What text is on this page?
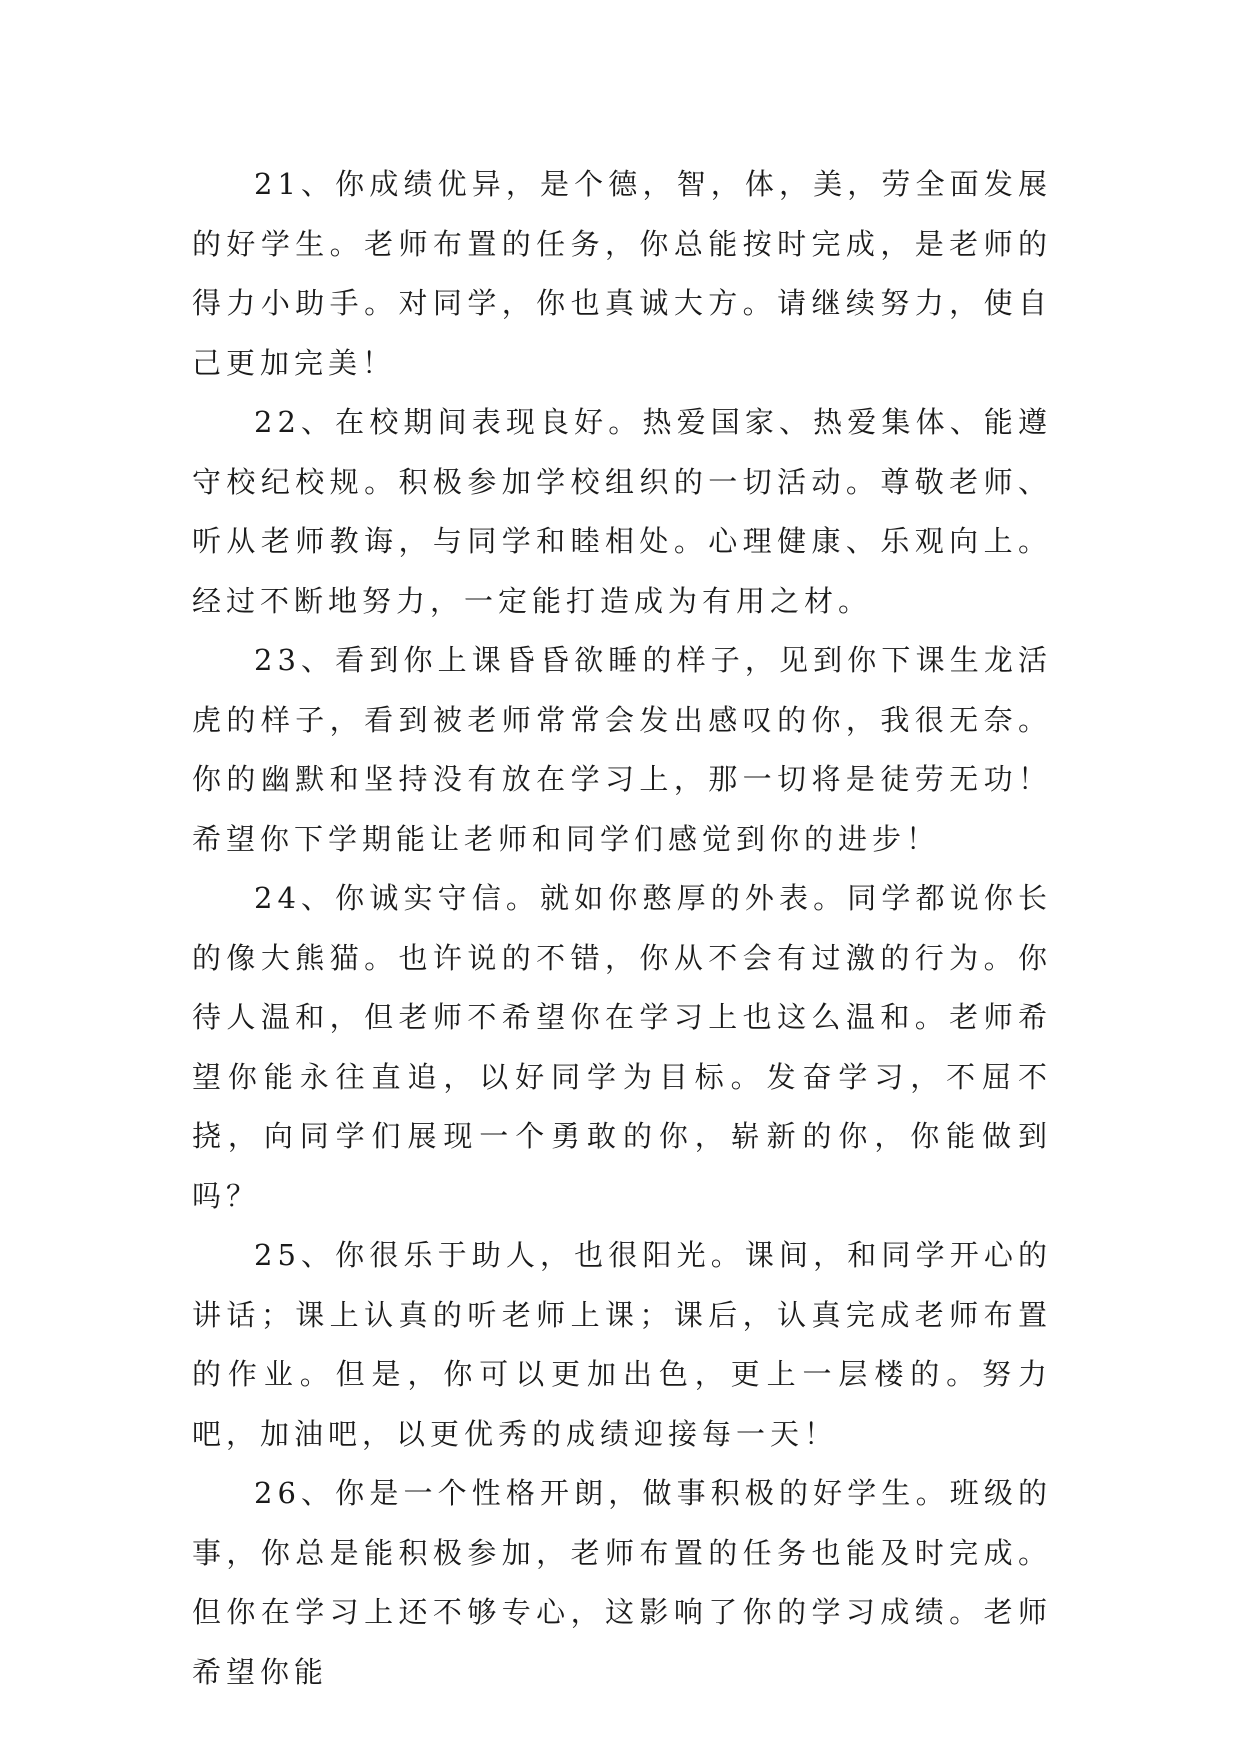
21、你成绩优异，是个德，智，体，美，劳全面发展的好学生。老师布置的任务，你总能按时完成，是老师的得力小助手。对同学，你也真诚大方。请继续努力，使自己更加完美！

22、在校期间表现良好。热爱国家、热爱集体、能遵守校纪校规。积极参加学校组织的一切活动。尊敬老师、听从老师教诲，与同学和睦相处。心理健康、乐观向上。经过不断地努力，一定能打造成为有用之材。

23、看到你上课昏昏欲睡的样子，见到你下课生龙活虎的样子，看到被老师常常会发出感叹的你，我很无奈。你的幽默和坚持没有放在学习上，那一切将是徒劳无功！希望你下学期能让老师和同学们感觉到你的进步！

24、你诚实守信。就如你憨厚的外表。同学都说你长的像大熊猫。也许说的不错，你从不会有过激的行为。你待人温和，但老师不希望你在学习上也这么温和。老师希望你能永往直追，以好同学为目标。发奋学习，不屈不挠，向同学们展现一个勇敢的你，崭新的你，你能做到吗？

25、你很乐于助人，也很阳光。课间，和同学开心的讲话；课上认真的听老师上课；课后，认真完成老师布置的作业。但是，你可以更加出色，更上一层楼的。努力吧，加油吧，以更优秀的成绩迎接每一天！

26、你是一个性格开朗，做事积极的好学生。班级的事，你总是能积极参加，老师布置的任务也能及时完成。但你在学习上还不够专心，这影响了你的学习成绩。老师希望你能
